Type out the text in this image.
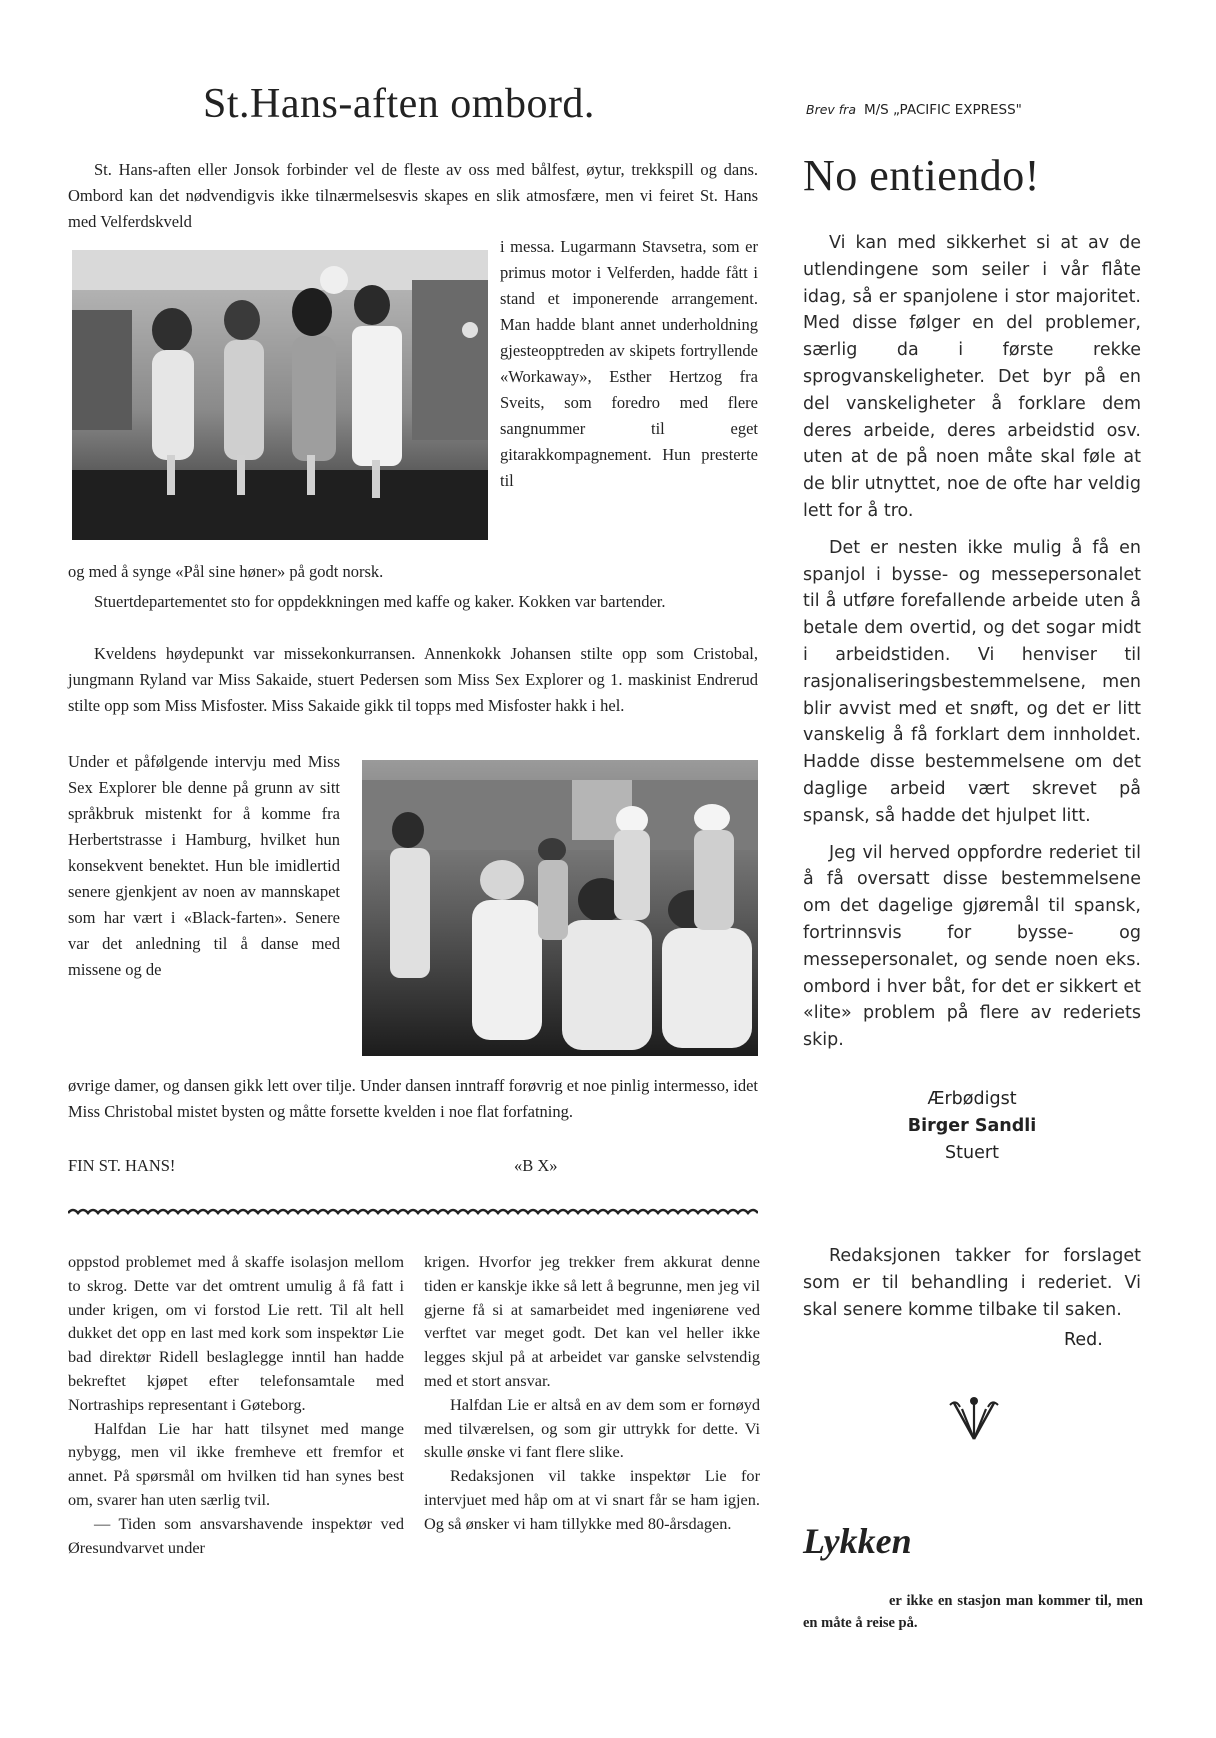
St.Hans-aften ombord.

St. Hans-aften eller Jonsok forbinder vel de fleste av oss med bålfest, øytur, trekkspill og dans. Ombord kan det nødvendigvis ikke tilnærmelsesvis skapes en slik atmosfære, men vi feiret St. Hans med Velferdskveld

i messa. Lugarmann Stavsetra, som er primus motor i Velferden, hadde fått i stand et imponerende arrangement. Man hadde blant annet underholdning gjesteopptreden av skipets fortryllende «Workaway», Esther Hertzog fra Sveits, som foredro med flere sangnummer til eget gitarakkompagnement. Hun presterte til

og med å synge «Pål sine høner» på godt norsk.

Stuertdepartementet sto for oppdekkningen med kaffe og kaker. Kokken var bartender.

Kveldens høydepunkt var missekonkurransen. Annenkokk Johansen stilte opp som Cristobal, jungmann Ryland var Miss Sakaide, stuert Pedersen som Miss Sex Explorer og 1. maskinist Endrerud stilte opp som Miss Misfoster. Miss Sakaide gikk til topps med Misfoster hakk i hel.

Under et påfølgende intervju med Miss Sex Explorer ble denne på grunn av sitt språkbruk mistenkt for å komme fra Herbertstrasse i Hamburg, hvilket hun konsekvent benektet. Hun ble imidlertid senere gjenkjent av noen av mannskapet som har vært i «Black-farten». Senere var det anledning til å danse med missene og de

øvrige damer, og dansen gikk lett over tilje. Under dansen inntraff forøvrig et noe pinlig intermesso, idet Miss Christobal mistet bysten og måtte forsette kvelden i noe flat forfatning.

FIN ST. HANS!	«B X»

oppstod problemet med å skaffe isolasjon mellom to skrog. Dette var det omtrent umulig å få fatt i under krigen, om vi forstod Lie rett. Til alt hell dukket det opp en last med kork som inspektør Lie bad direktør Ridell beslaglegge inntil han hadde bekreftet kjøpet efter telefonsamtale med Nortraships representant i Gøteborg.

Halfdan Lie har hatt tilsynet med mange nybygg, men vil ikke fremheve ett fremfor et annet. På spørsmål om hvilken tid han synes best om, svarer han uten særlig tvil.

— Tiden som ansvarshavende inspektør ved Øresundvarvet under

krigen. Hvorfor jeg trekker frem akkurat denne tiden er kanskje ikke så lett å begrunne, men jeg vil gjerne få si at samarbeidet med ingeniørene ved verftet var meget godt. Det kan vel heller ikke legges skjul på at arbeidet var ganske selvstendig med et stort ansvar.

Halfdan Lie er altså en av dem som er fornøyd med tilværelsen, og som gir uttrykk for dette. Vi skulle ønske vi fant flere slike.

Redaksjonen vil takke inspektør Lie for intervjuet med håp om at vi snart får se ham igjen. Og så ønsker vi ham tillykke med 80-årsdagen.

Brev fra M/S „PACIFIC EXPRESS"
No entiendo!

Vi kan med sikkerhet si at av de utlendingene som seiler i vår flåte idag, så er spanjolene i stor majoritet. Med disse følger en del problemer, særlig da i første rekke sprogvanskeligheter. Det byr på en del vanskeligheter å forklare dem deres arbeide, deres arbeidstid osv. uten at de på noen måte skal føle at de blir utnyttet, noe de ofte har veldig lett for å tro.

Det er nesten ikke mulig å få en spanjol i bysse- og messepersonalet til å utføre forefallende arbeide uten å betale dem overtid, og det sogar midt i arbeidstiden. Vi henviser til rasjonaliseringsbestemmelsene, men blir avvist med et snøft, og det er litt vanskelig å få forklart dem innholdet. Hadde disse bestemmelsene om det daglige arbeid vært skrevet på spansk, så hadde det hjulpet litt.

Jeg vil herved oppfordre rederiet til å få oversatt disse bestemmelsene om det dagelige gjøremål til spansk, fortrinnsvis for bysse- og messepersonalet, og sende noen eks. ombord i hver båt, for det er sikkert et «lite» problem på flere av rederiets skip.

Ærbødigst
Birger Sandli
Stuert

Redaksjonen takker for forslaget som er til behandling i rederiet. Vi skal senere komme tilbake til saken.

Red.
Lykken

er ikke en stasjon man kommer til, men en måte å reise på.
